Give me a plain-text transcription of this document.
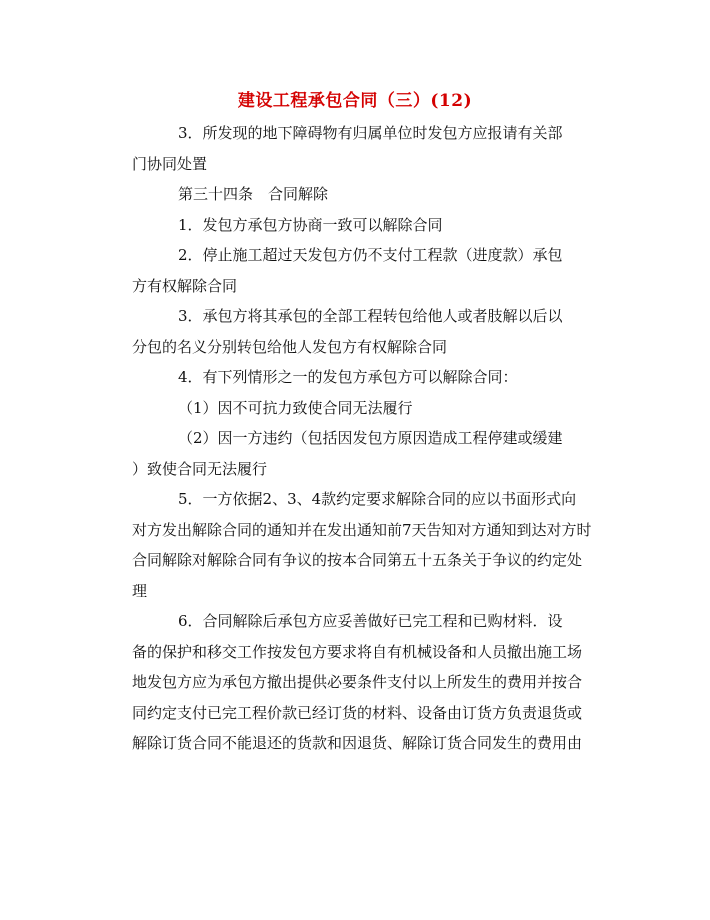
建设工程承包合同（三）(12)
3．所发现的地下障碍物有归属单位时发包方应报请有关部
门协同处置
第三十四条　合同解除
1．发包方承包方协商一致可以解除合同
2．停止施工超过天发包方仍不支付工程款（进度款）承包
方有权解除合同
3．承包方将其承包的全部工程转包给他人或者肢解以后以
分包的名义分别转包给他人发包方有权解除合同
4．有下列情形之一的发包方承包方可以解除合同：
（1）因不可抗力致使合同无法履行
（2）因一方违约（包括因发包方原因造成工程停建或缓建
）致使合同无法履行
5．一方依据2、3、4款约定要求解除合同的应以书面形式向
对方发出解除合同的通知并在发出通知前7天告知对方通知到达对方时
合同解除对解除合同有争议的按本合同第五十五条关于争议的约定处
理
6．合同解除后承包方应妥善做好已完工程和已购材料．设
备的保护和移交工作按发包方要求将自有机械设备和人员撤出施工场
地发包方应为承包方撤出提供必要条件支付以上所发生的费用并按合
同约定支付已完工程价款已经订货的材料、设备由订货方负责退货或
解除订货合同不能退还的货款和因退货、解除订货合同发生的费用由
